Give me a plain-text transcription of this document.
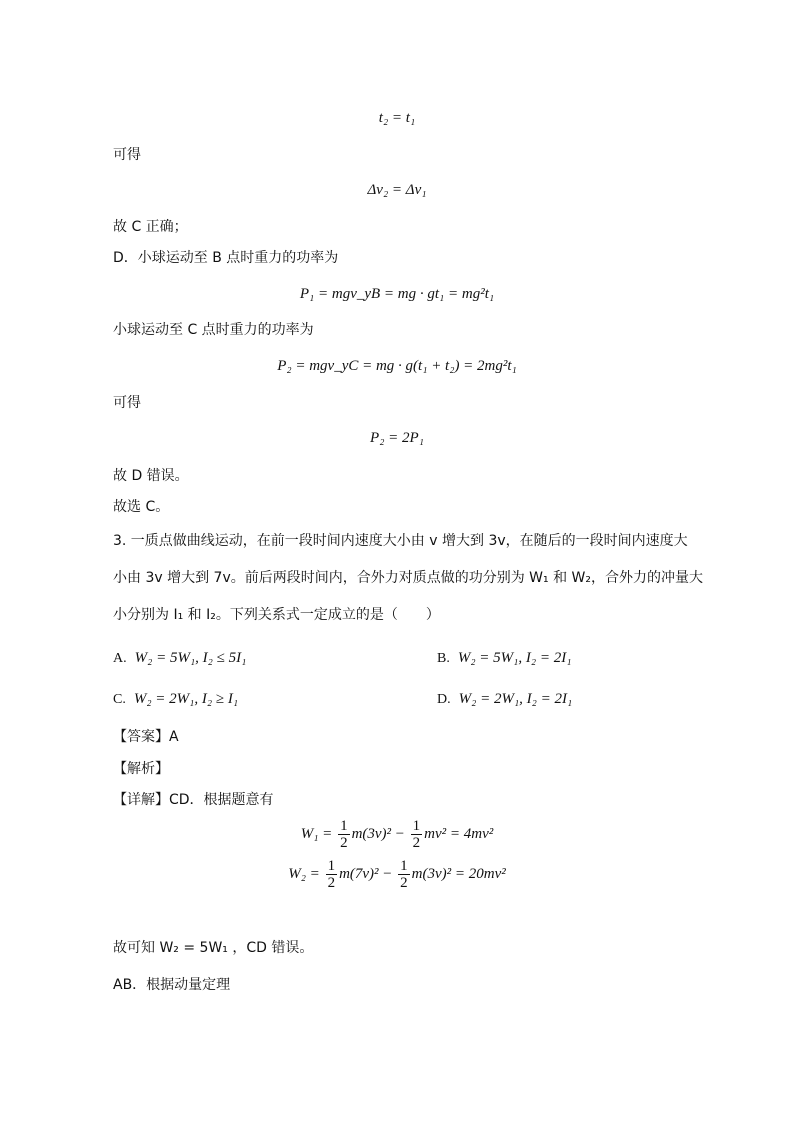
t₂ = t₁
可得
Δv₂ = Δv₁
故 C 正确；
D．小球运动至 B 点时重力的功率为
P₁ = mgv_yB = mg · gt₁ = mg²t₁
小球运动至 C 点时重力的功率为
P₂ = mgv_yC = mg · g(t₁ + t₂) = 2mg²t₁
可得
P₂ = 2P₁
故 D 错误。
故选 C。
3. 一质点做曲线运动，在前一段时间内速度大小由 v 增大到 3v，在随后的一段时间内速度大
小由 3v 增大到 7v。前后两段时间内，合外力对质点做的功分别为 W₁ 和 W₂，合外力的冲量大
小分别为 I₁ 和 I₂。下列关系式一定成立的是（　　）
A. W₂ = 5W₁, I₂ ≤ 5I₁	B. W₂ = 5W₁, I₂ = 2I₁
C. W₂ = 2W₁, I₂ ≥ I₁	D. W₂ = 2W₁, I₂ = 2I₁
【答案】A
【解析】
【详解】CD．根据题意有
$W_1 = \frac{1}{2} m(3v)^2 - \frac{1}{2} mv^2 = 4mv^2$
$W_2 = \frac{1}{2} m(7v)^2 - \frac{1}{2} m(3v)^2 = 20mv^2$
故可知 W₂ = 5W₁ ，CD 错误。
AB．根据动量定理
